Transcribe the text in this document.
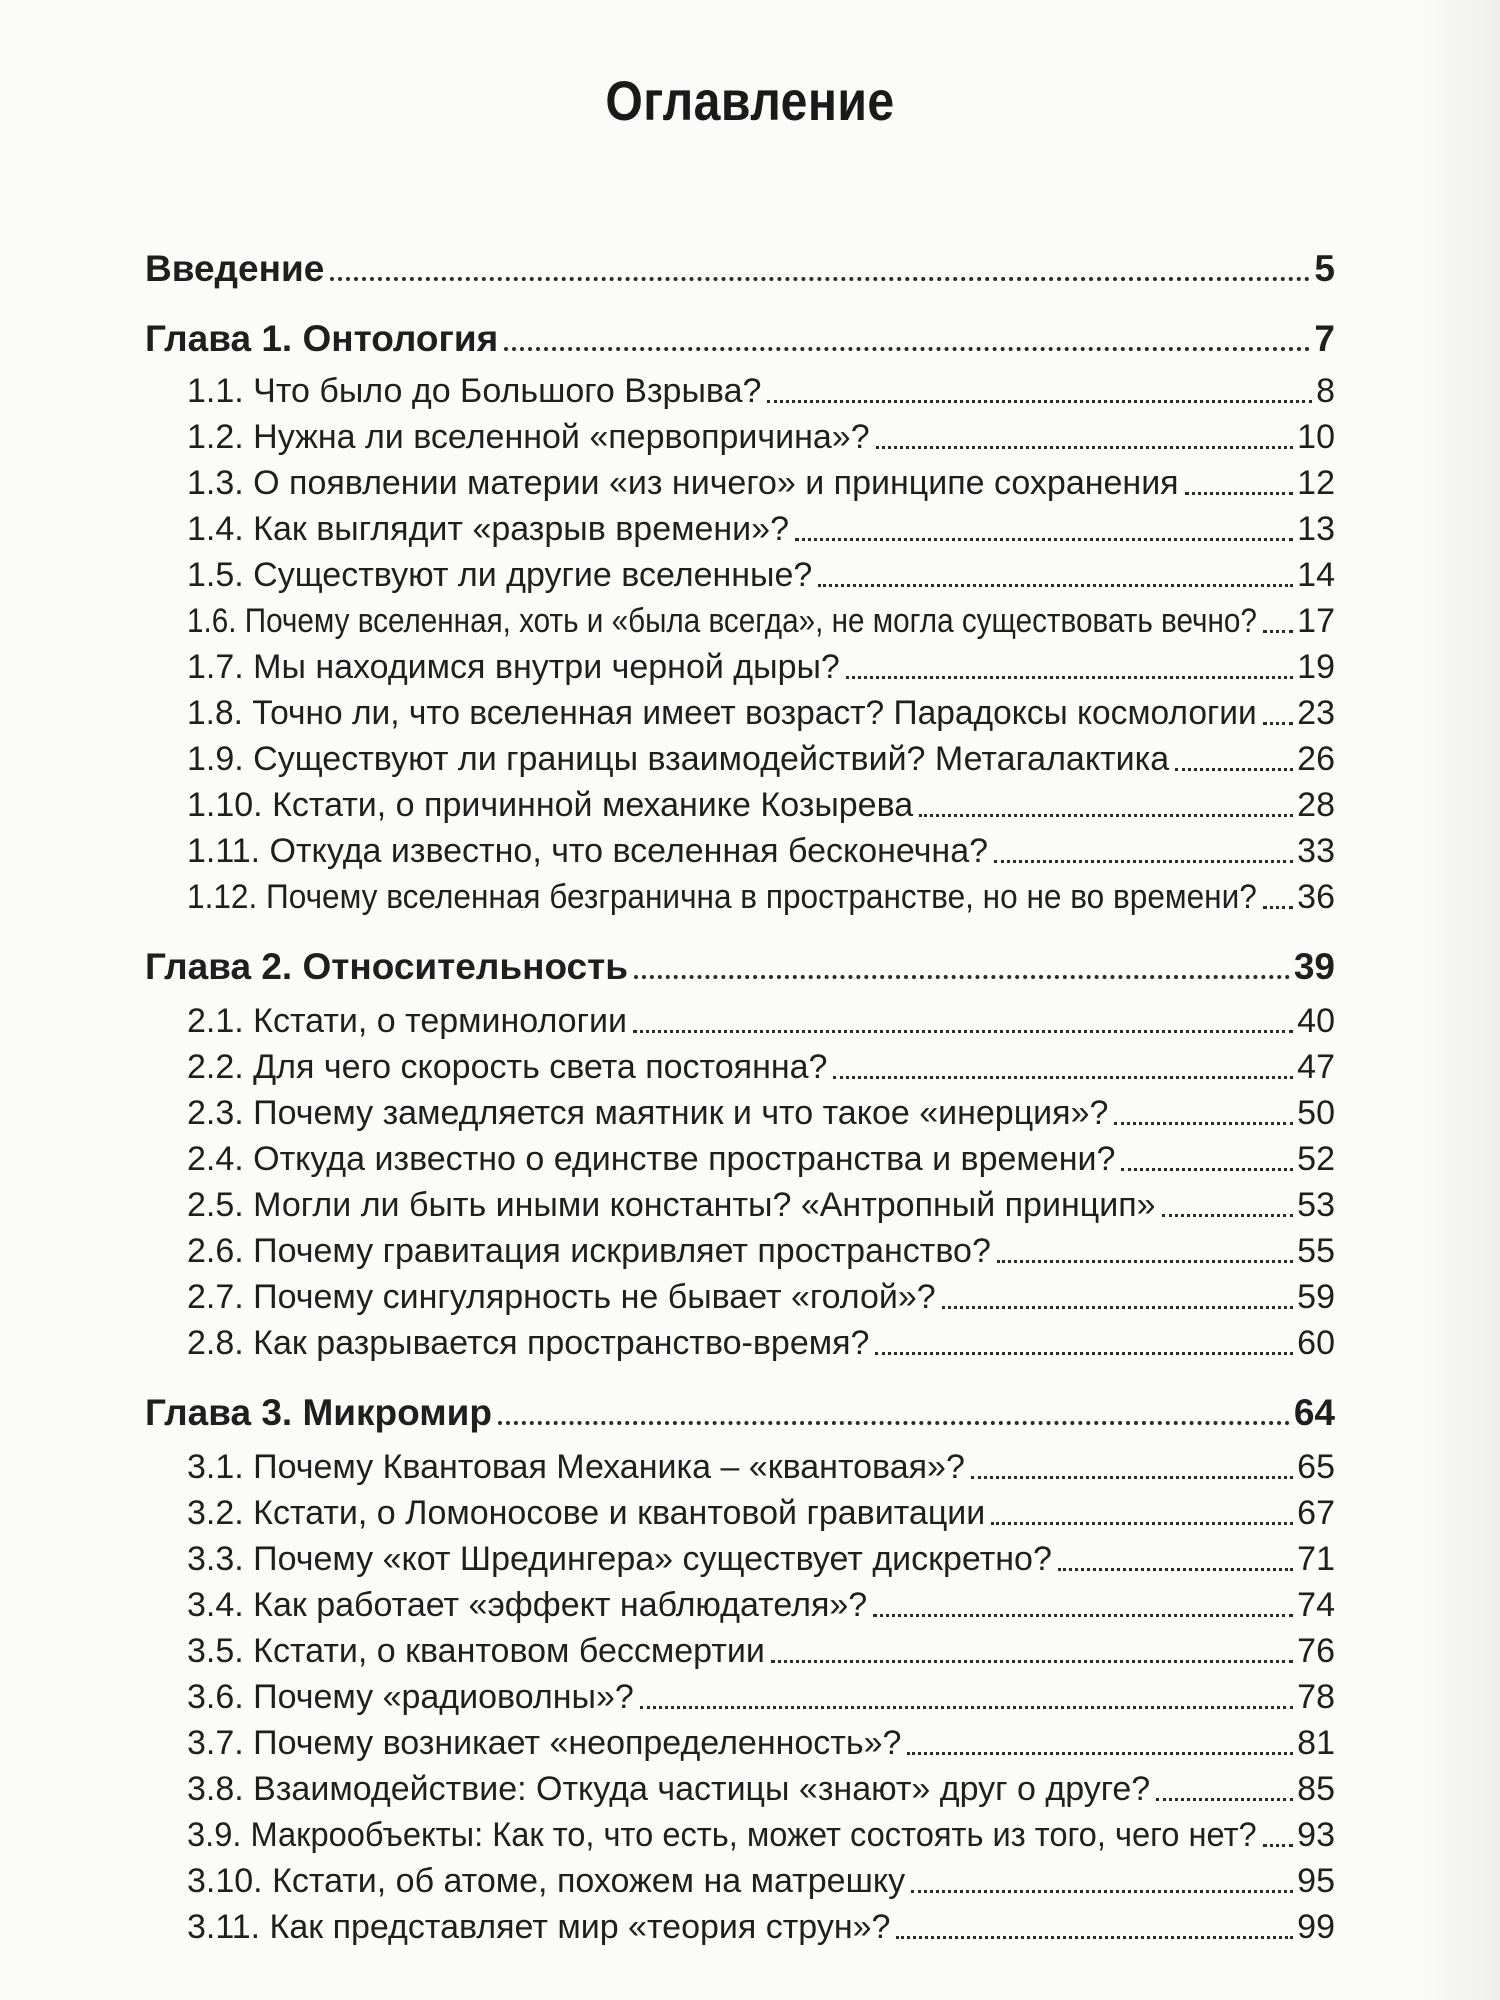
Оглавление
Введение	5
Глава 1. Онтология	7
1.1. Что было до Большого Взрыва?	8
1.2. Нужна ли вселенной «первопричина»?	10
1.3. О появлении материи «из ничего» и принципе сохранения	12
1.4. Как выглядит «разрыв времени»?	13
1.5. Существуют ли другие вселенные?	14
1.6. Почему вселенная, хоть и «была всегда», не могла существовать вечно? 17
1.7. Мы находимся внутри черной дыры?	19
1.8. Точно ли, что вселенная имеет возраст? Парадоксы космологии 23
1.9. Существуют ли границы взаимодействий? Метагалактика	26
1.10. Кстати, о причинной механике Козырева	28
1.11. Откуда известно, что вселенная бесконечна?	33
1.12. Почему вселенная безгранична в пространстве, но не во времени? 36
Глава 2. Относительность	39
2.1. Кстати, о терминологии	40
2.2. Для чего скорость света постоянна?	47
2.3. Почему замедляется маятник и что такое «инерция»?	50
2.4. Откуда известно о единстве пространства и времени?	52
2.5. Могли ли быть иными константы? «Антропный принцип»	53
2.6. Почему гравитация искривляет пространство?	55
2.7. Почему сингулярность не бывает «голой»?	59
2.8. Как разрывается пространство-время?	60
Глава 3. Микромир	64
3.1. Почему Квантовая Механика – «квантовая»?	65
3.2. Кстати, о Ломоносове и квантовой гравитации	67
3.3. Почему «кот Шредингера» существует дискретно?	71
3.4. Как работает «эффект наблюдателя»?	74
3.5. Кстати, о квантовом бессмертии	76
3.6. Почему «радиоволны»?	78
3.7. Почему возникает «неопределенность»?	81
3.8. Взаимодействие: Откуда частицы «знают» друг о друге?	85
3.9. Макрообъекты: Как то, что есть, может состоять из того, чего нет? 93
3.10. Кстати, об атоме, похожем на матрешку	95
3.11. Как представляет мир «теория струн»?	99
